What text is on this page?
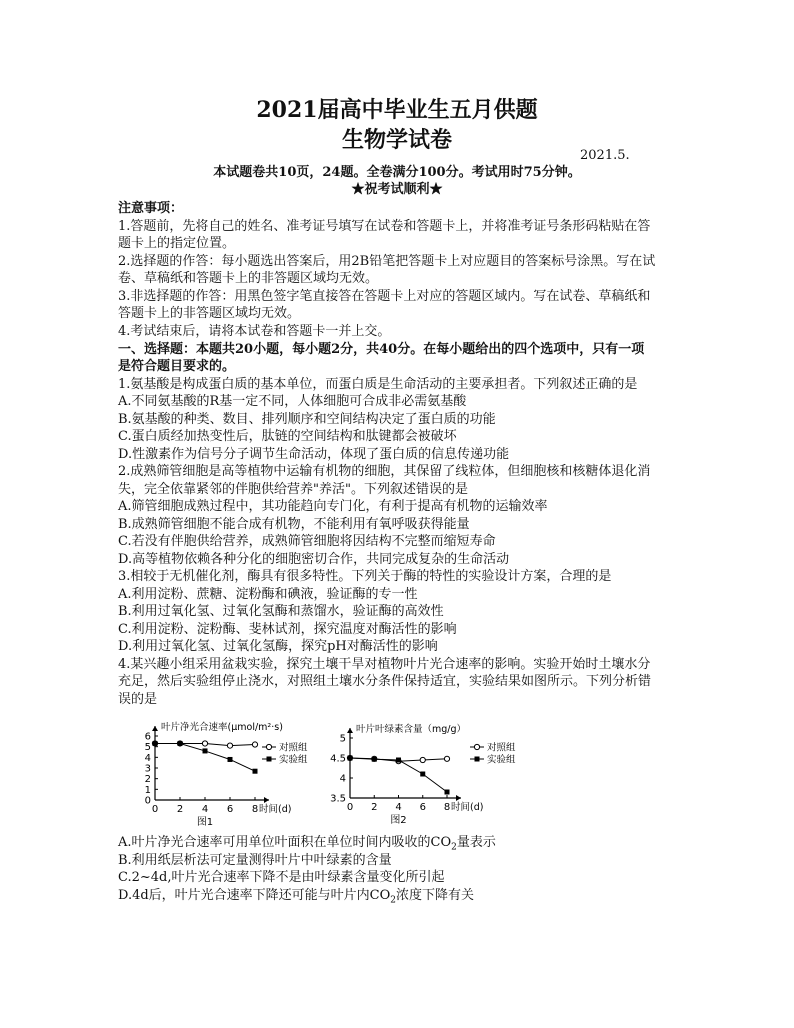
2021届高中毕业生五月供题
生物学试卷
2021.5.
本试题卷共10页，24题。全卷满分100分。考试用时75分钟。
★祝考试顺利★
注意事项：
1.答题前，先将自己的姓名、准考证号填写在试卷和答题卡上，并将准考证号条形码粘贴在答
题卡上的指定位置。
2.选择题的作答：每小题选出答案后，用2B铅笔把答题卡上对应题目的答案标号涂黑。写在试
卷、草稿纸和答题卡上的非答题区域均无效。
3.非选择题的作答：用黑色签字笔直接答在答题卡上对应的答题区域内。写在试卷、草稿纸和
答题卡上的非答题区域均无效。
4.考试结束后，请将本试卷和答题卡一并上交。
一、选择题：本题共20小题，每小题2分，共40分。在每小题给出的四个选项中，只有一项
是符合题目要求的。
1.氨基酸是构成蛋白质的基本单位，而蛋白质是生命活动的主要承担者。下列叙述正确的是
A.不同氨基酸的R基一定不同，人体细胞可合成非必需氨基酸
B.氨基酸的种类、数目、排列顺序和空间结构决定了蛋白质的功能
C.蛋白质经加热变性后，肽链的空间结构和肽键都会被破坏
D.性激素作为信号分子调节生命活动，体现了蛋白质的信息传递功能
2.成熟筛管细胞是高等植物中运输有机物的细胞，其保留了线粒体，但细胞核和核糖体退化消
失，完全依靠紧邻的伴胞供给营养"养活"。下列叙述错误的是
A.筛管细胞成熟过程中，其功能趋向专门化，有利于提高有机物的运输效率
B.成熟筛管细胞不能合成有机物，不能利用有氧呼吸获得能量
C.若没有伴胞供给营养，成熟筛管细胞将因结构不完整而缩短寿命
D.高等植物依赖各种分化的细胞密切合作，共同完成复杂的生命活动
3.相较于无机催化剂，酶具有很多特性。下列关于酶的特性的实验设计方案，合理的是
A.利用淀粉、蔗糖、淀粉酶和碘液，验证酶的专一性
B.利用过氧化氢、过氧化氢酶和蒸馏水，验证酶的高效性
C.利用淀粉、淀粉酶、斐林试剂，探究温度对酶活性的影响
D.利用过氧化氢、过氧化氢酶，探究pH对酶活性的影响
4.某兴趣小组采用盆栽实验，探究土壤干旱对植物叶片光合速率的影响。实验开始时土壤水分
充足，然后实验组停止浇水，对照组土壤水分条件保持适宜，实验结果如图所示。下列分析错
误的是
0
1
2
3
4
5
6
0 2 4 6 8 时间(d)
叶片净光合速率(μmol/m²·s)
图1
对照组
实验组
3.5
4
4.5
5
0 2 4 6 8 时间(d)
叶片叶绿素含量（mg/g）
图2
对照组
实验组
A.叶片净光合速率可用单位叶面积在单位时间内吸收的$CO_2$量表示
B.利用纸层析法可定量测得叶片中叶绿素的含量
C.2~4d,叶片光合速率下降不是由叶绿素含量变化所引起
D.4d后，叶片光合速率下降还可能与叶片内$CO_2$浓度下降有关
